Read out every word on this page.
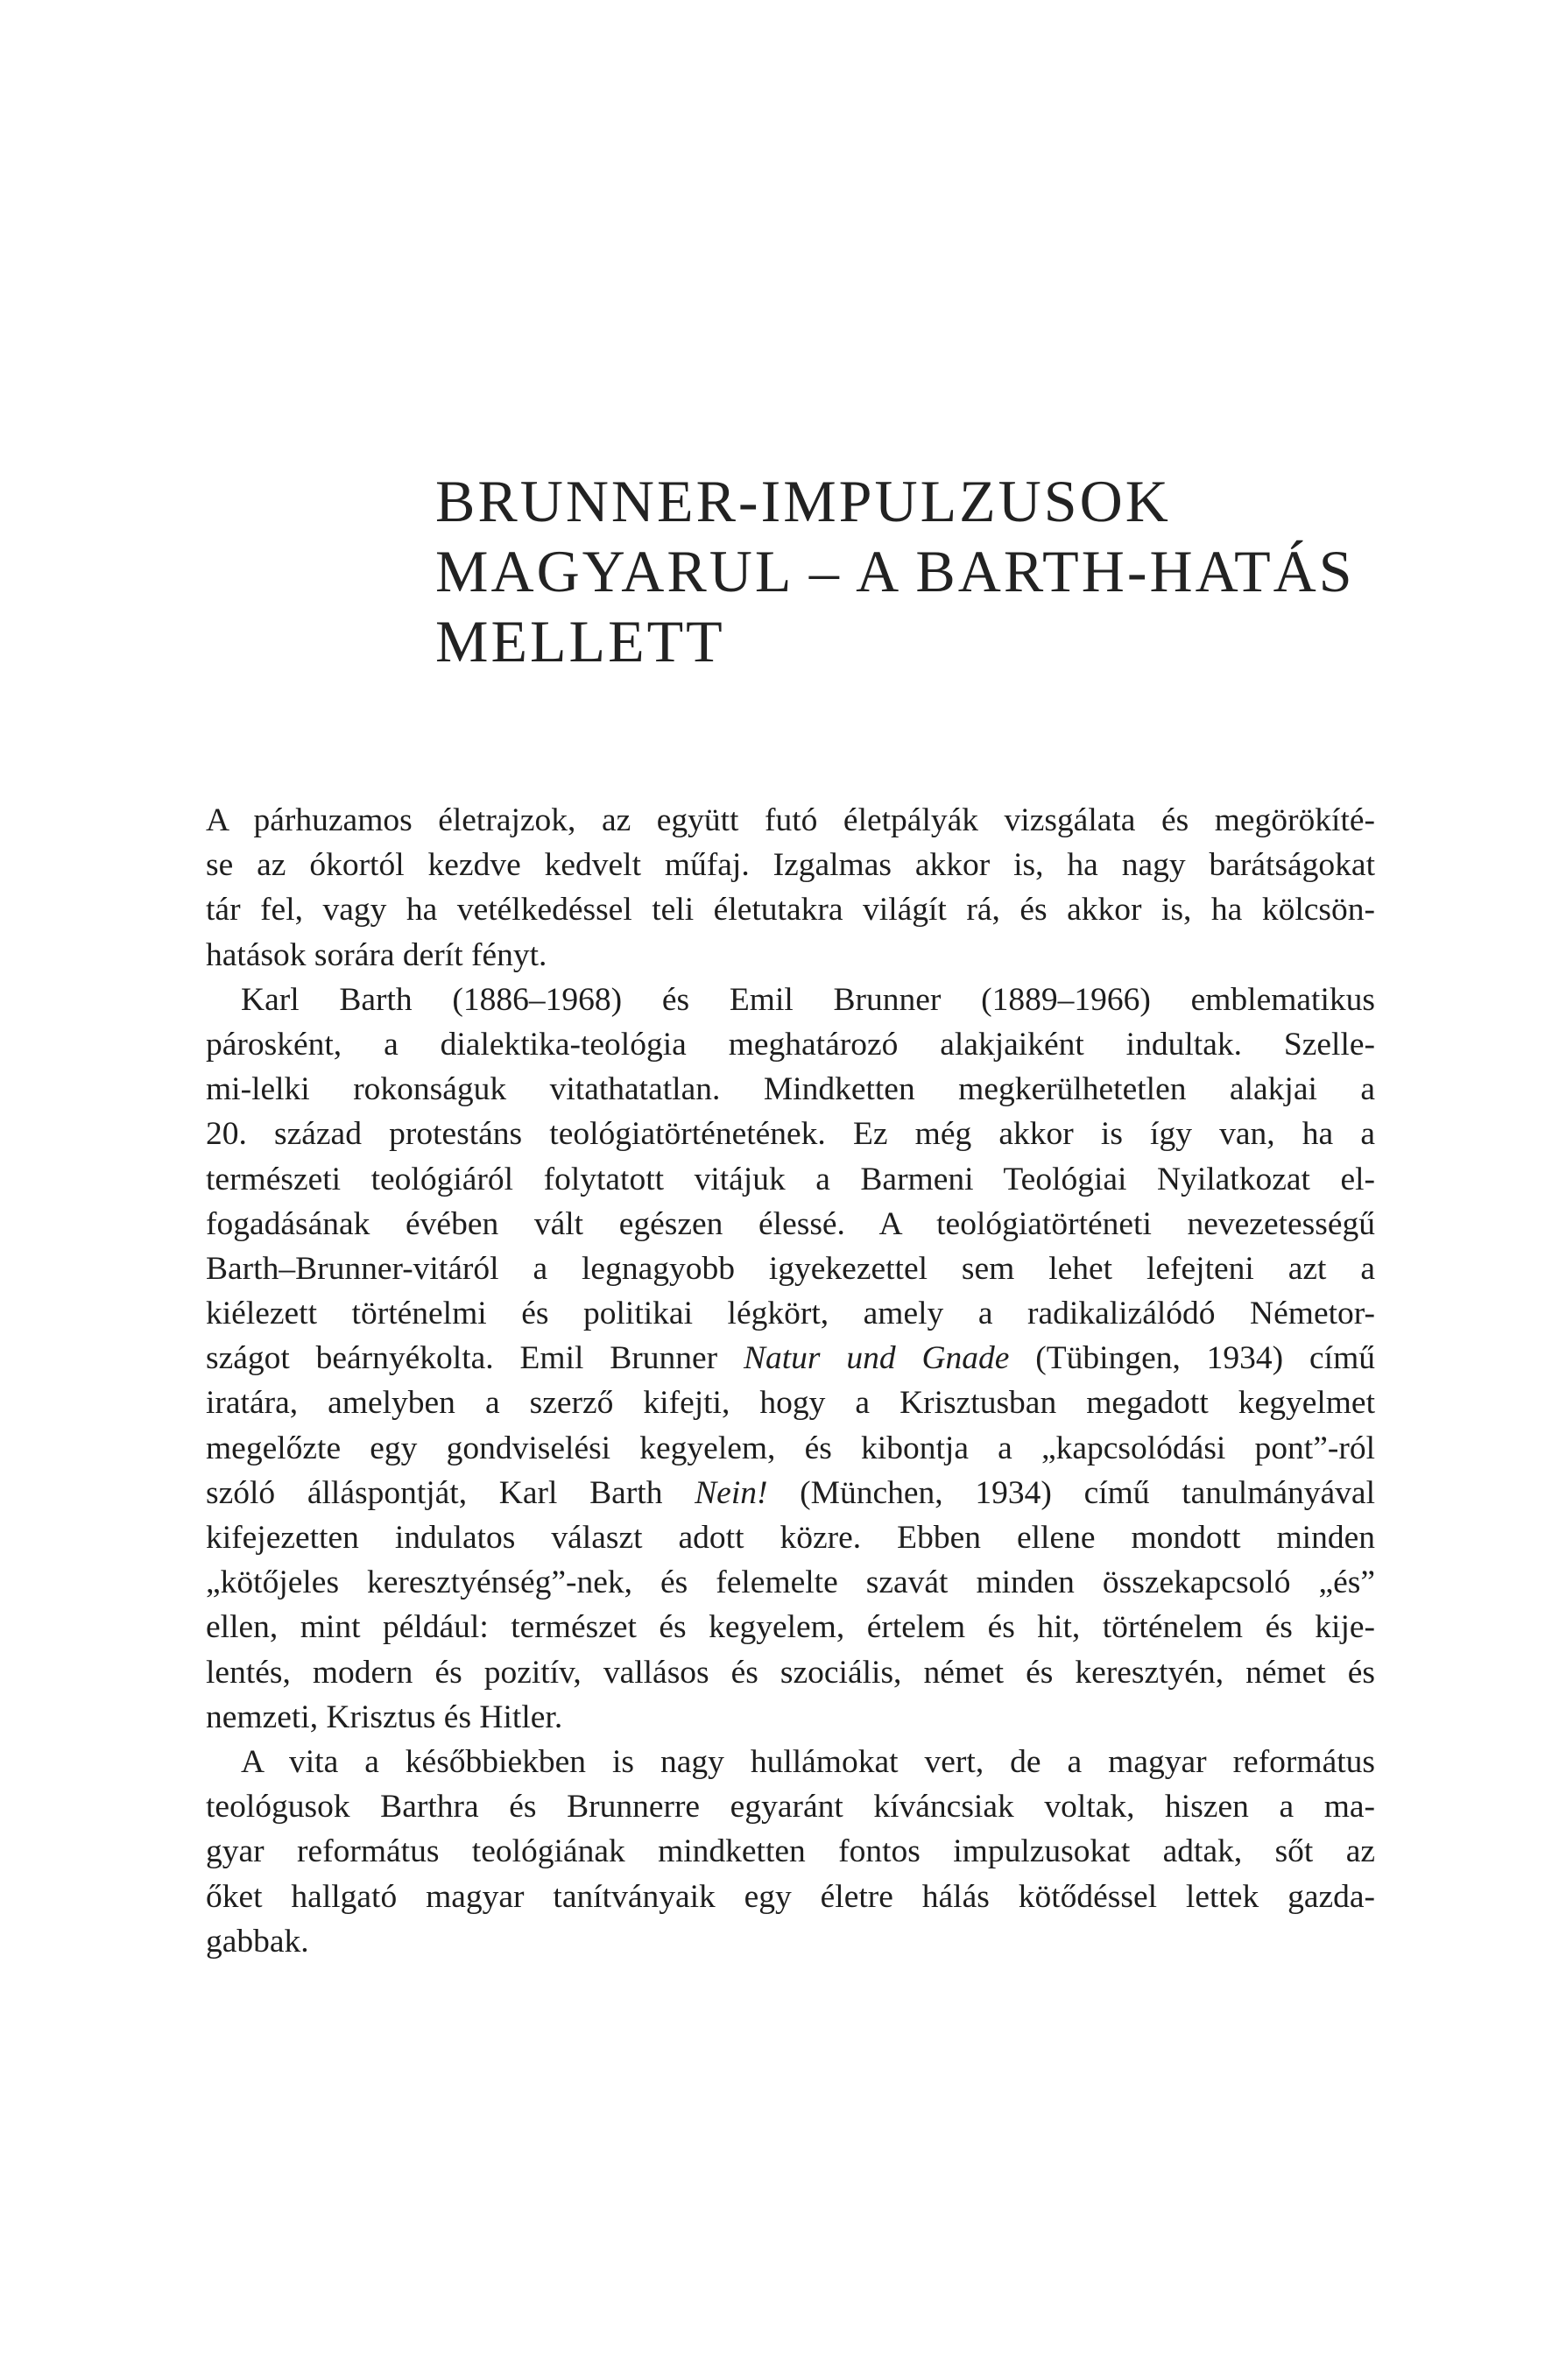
BRUNNER-IMPULZUSOK
MAGYARUL – A BARTH-HATÁS
MELLETT
A párhuzamos életrajzok, az együtt futó életpályák vizsgálata és megörökíté-
se az ókortól kezdve kedvelt műfaj. Izgalmas akkor is, ha nagy barátságokat
tár fel, vagy ha vetélkedéssel teli életutakra világít rá, és akkor is, ha kölcsön-
hatások sorára derít fényt.
Karl Barth (1886–1968) és Emil Brunner (1889–1966) emblematikus
párosként, a dialektika-teológia meghatározó alakjaiként indultak. Szelle-
mi-lelki rokonságuk vitathatatlan. Mindketten megkerülhetetlen alakjai a
20. század protestáns teológiatörténetének. Ez még akkor is így van, ha a
természeti teológiáról folytatott vitájuk a Barmeni Teológiai Nyilatkozat el-
fogadásának évében vált egészen élessé. A teológiatörténeti nevezetességű
Barth–Brunner-vitáról a legnagyobb igyekezettel sem lehet lefejteni azt a
kiélezett történelmi és politikai légkört, amely a radikalizálódó Németor-
szágot beárnyékolta. Emil Brunner Natur und Gnade (Tübingen, 1934) című
iratára, amelyben a szerző kifejti, hogy a Krisztusban megadott kegyelmet
megelőzte egy gondviselési kegyelem, és kibontja a „kapcsolódási pont”-ról
szóló álláspontját, Karl Barth Nein! (München, 1934) című tanulmányával
kifejezetten indulatos választ adott közre. Ebben ellene mondott minden
„kötőjeles keresztyénség”-nek, és felemelte szavát minden összekapcsoló „és”
ellen, mint például: természet és kegyelem, értelem és hit, történelem és kije-
lentés, modern és pozitív, vallásos és szociális, német és keresztyén, német és
nemzeti, Krisztus és Hitler.
A vita a későbbiekben is nagy hullámokat vert, de a magyar református
teológusok Barthra és Brunnerre egyaránt kíváncsiak voltak, hiszen a ma-
gyar református teológiának mindketten fontos impulzusokat adtak, sőt az
őket hallgató magyar tanítványaik egy életre hálás kötődéssel lettek gazda-
gabbak.
